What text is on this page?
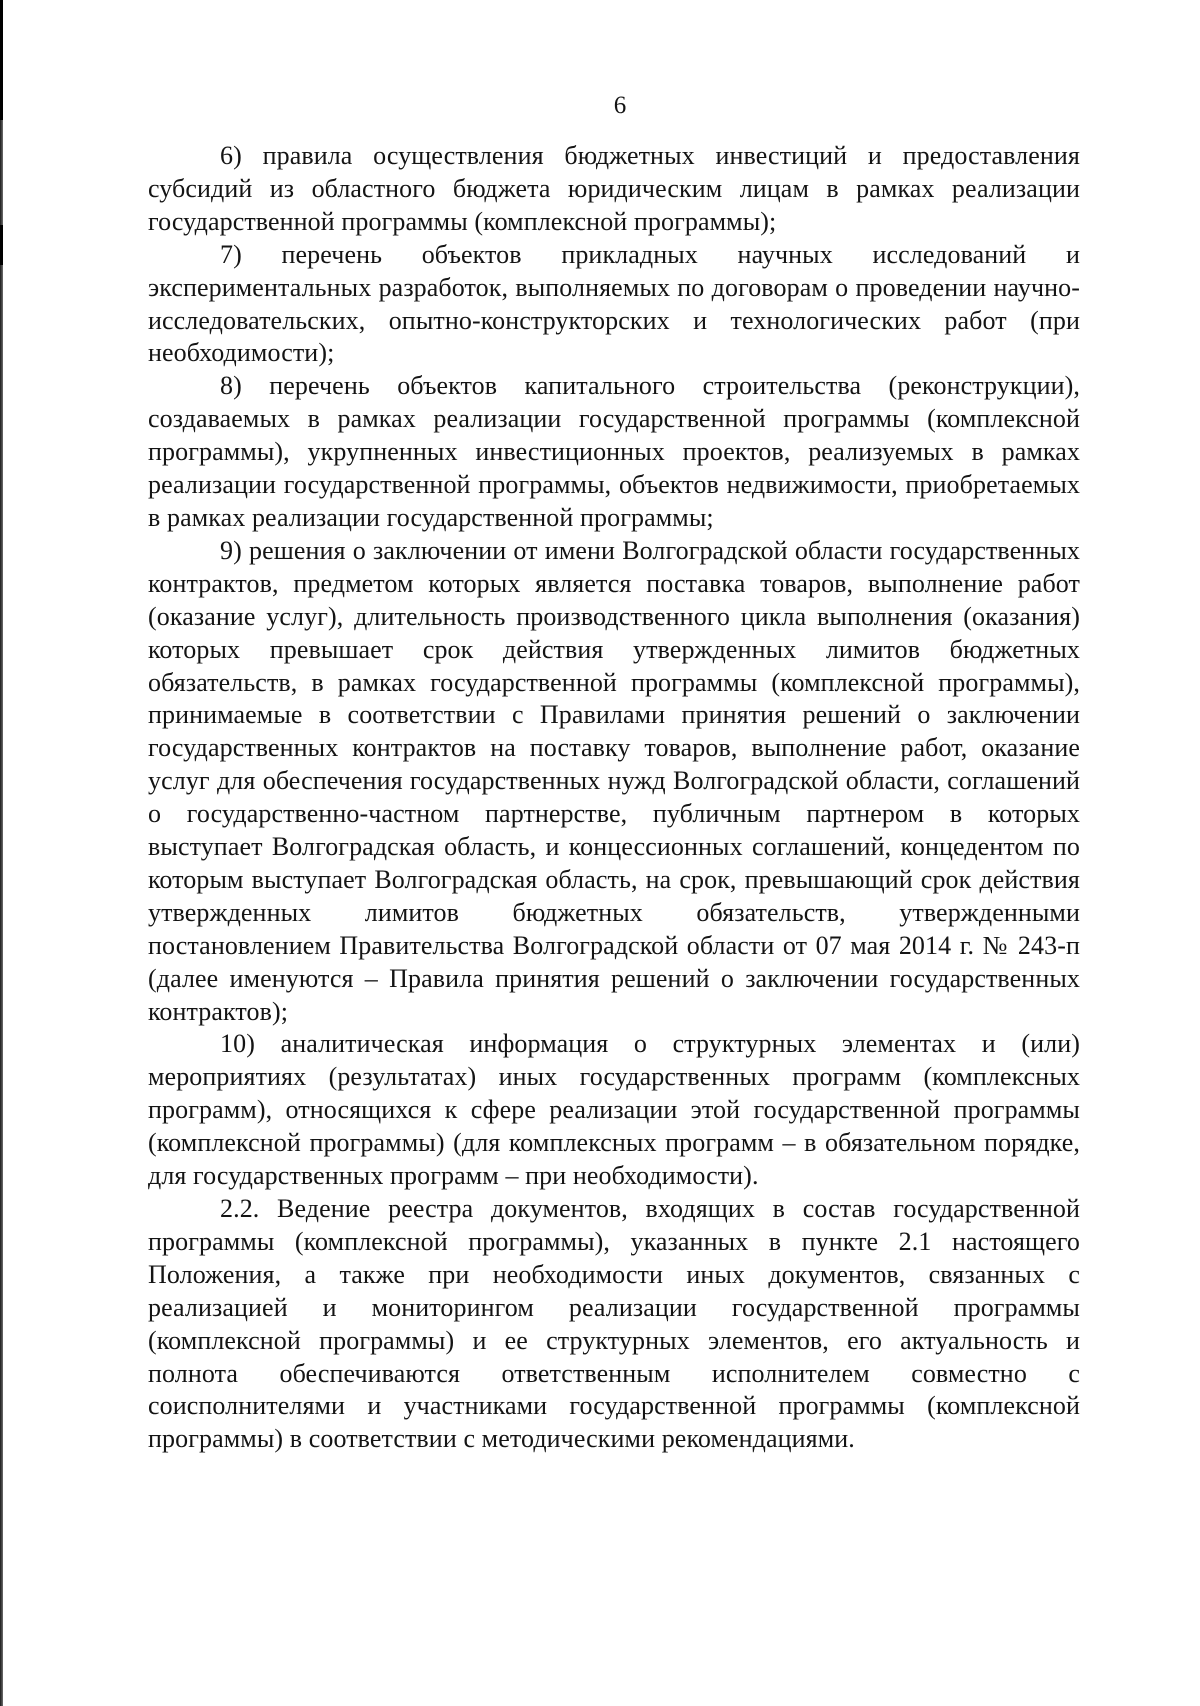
6

6) правила осуществления бюджетных инвестиций и предоставления субсидий из областного бюджета юридическим лицам в рамках реализации государственной программы (комплексной программы);

7) перечень объектов прикладных научных исследований и экспериментальных разработок, выполняемых по договорам о проведении научно-исследовательских, опытно-конструкторских и технологических работ (при необходимости);

8) перечень объектов капитального строительства (реконструкции), создаваемых в рамках реализации государственной программы (комплексной программы), укрупненных инвестиционных проектов, реализуемых в рамках реализации государственной программы, объектов недвижимости, приобретаемых в рамках реализации государственной программы;

9) решения о заключении от имени Волгоградской области государственных контрактов, предметом которых является поставка товаров, выполнение работ (оказание услуг), длительность производственного цикла выполнения (оказания) которых превышает срок действия утвержденных лимитов бюджетных обязательств, в рамках государственной программы (комплексной программы), принимаемые в соответствии с Правилами принятия решений о заключении государственных контрактов на поставку товаров, выполнение работ, оказание услуг для обеспечения государственных нужд Волгоградской области, соглашений о государственно-частном партнерстве, публичным партнером в которых выступает Волгоградская область, и концессионных соглашений, концедентом по которым выступает Волгоградская область, на срок, превышающий срок действия утвержденных лимитов бюджетных обязательств, утвержденными постановлением Правительства Волгоградской области от 07 мая 2014 г. № 243-п (далее именуются – Правила принятия решений о заключении государственных контрактов);

10) аналитическая информация о структурных элементах и (или) мероприятиях (результатах) иных государственных программ (комплексных программ), относящихся к сфере реализации этой государственной программы (комплексной программы) (для комплексных программ – в обязательном порядке, для государственных программ – при необходимости).

2.2. Ведение реестра документов, входящих в состав государственной программы (комплексной программы), указанных в пункте 2.1 настоящего Положения, а также при необходимости иных документов, связанных с реализацией и мониторингом реализации государственной программы (комплексной программы) и ее структурных элементов, его актуальность и полнота обеспечиваются ответственным исполнителем совместно с соисполнителями и участниками государственной программы (комплексной программы) в соответствии с методическими рекомендациями.
